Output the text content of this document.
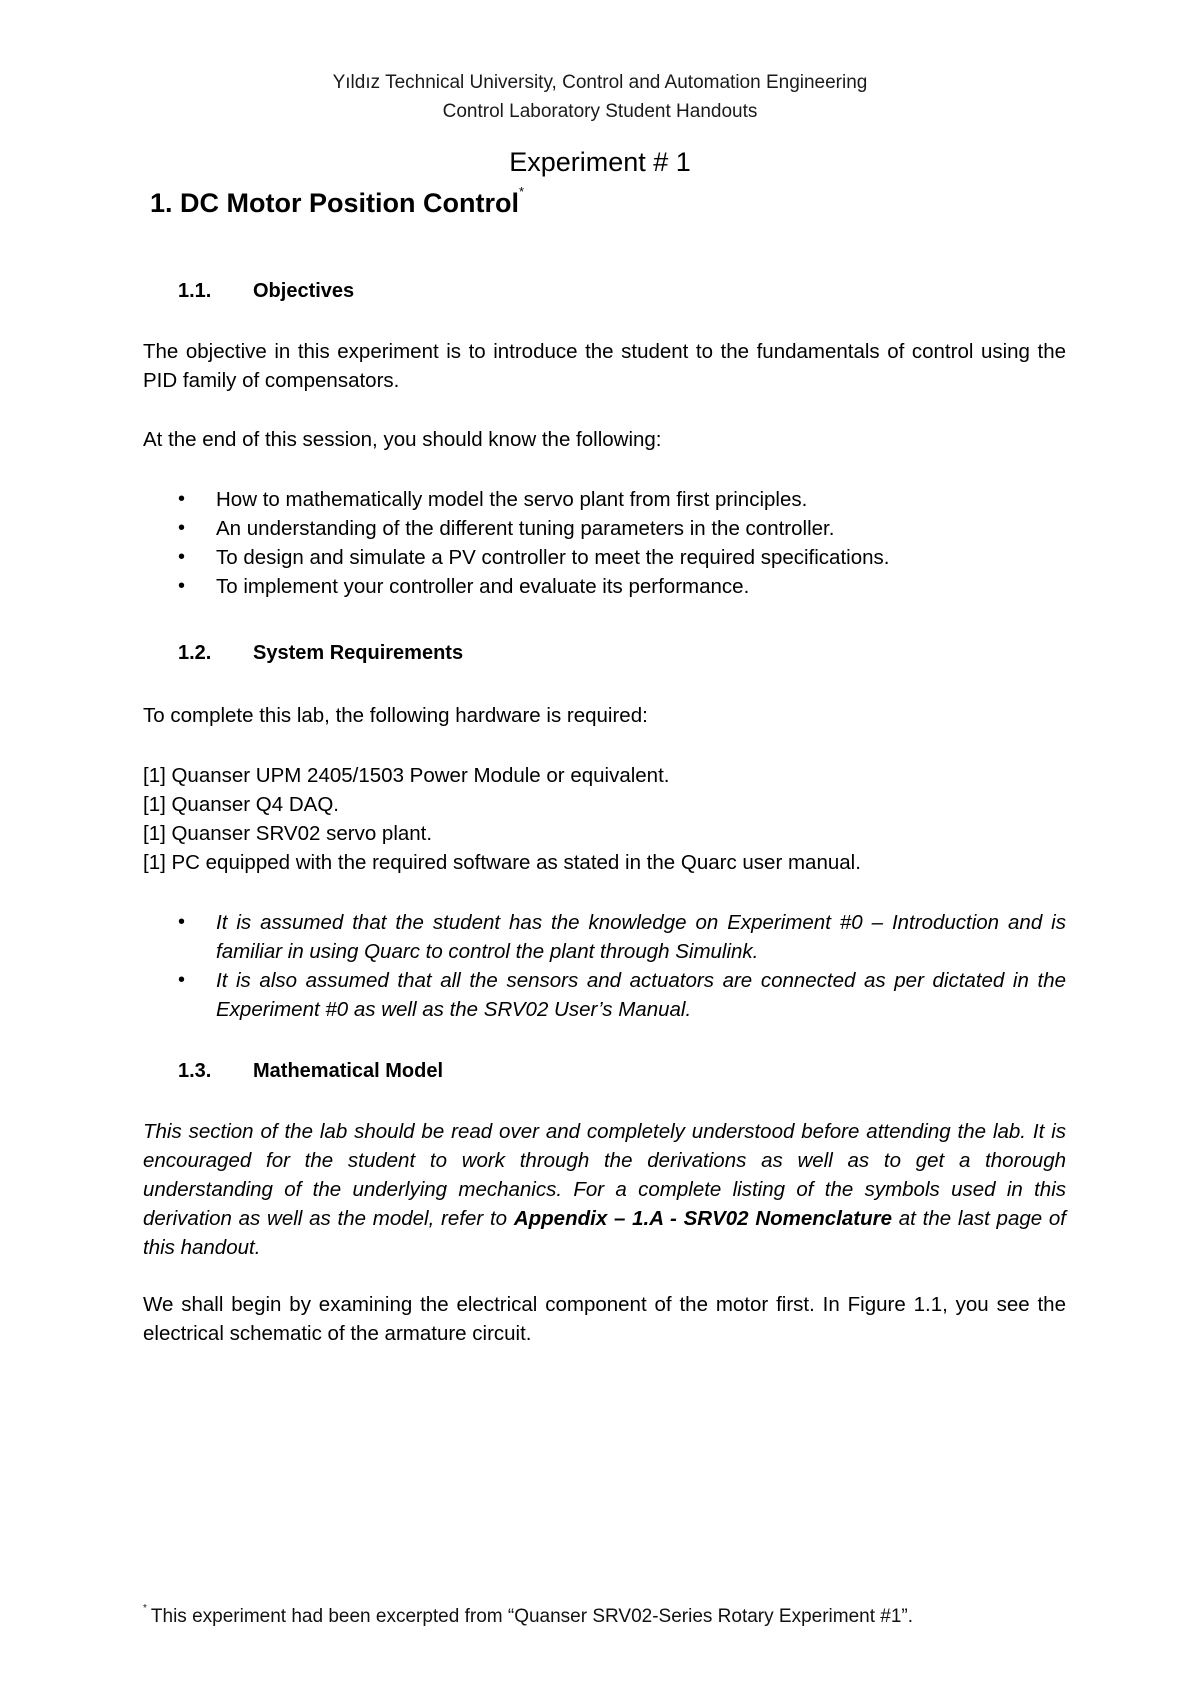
Yıldız Technical University, Control and Automation Engineering
Control Laboratory Student Handouts
Experiment # 1
1. DC Motor Position Control*
1.1. Objectives
The objective in this experiment is to introduce the student to the fundamentals of control using the PID family of compensators.
At the end of this session, you should know the following:
• How to mathematically model the servo plant from first principles.
• An understanding of the different tuning parameters in the controller.
• To design and simulate a PV controller to meet the required specifications.
• To implement your controller and evaluate its performance.
1.2. System Requirements
To complete this lab, the following hardware is required:
[1] Quanser UPM 2405/1503 Power Module or equivalent.
[1] Quanser Q4 DAQ.
[1] Quanser SRV02 servo plant.
[1] PC equipped with the required software as stated in the Quarc user manual.
• It is assumed that the student has the knowledge on Experiment #0 – Introduction and is familiar in using Quarc to control the plant through Simulink.
• It is also assumed that all the sensors and actuators are connected as per dictated in the Experiment #0 as well as the SRV02 User’s Manual.
1.3. Mathematical Model
This section of the lab should be read over and completely understood before attending the lab. It is encouraged for the student to work through the derivations as well as to get a thorough understanding of the underlying mechanics. For a complete listing of the symbols used in this derivation as well as the model, refer to Appendix – 1.A - SRV02 Nomenclature at the last page of this handout.
We shall begin by examining the electrical component of the motor first. In Figure 1.1, you see the electrical schematic of the armature circuit.
* This experiment had been excerpted from “Quanser SRV02-Series Rotary Experiment #1”.
